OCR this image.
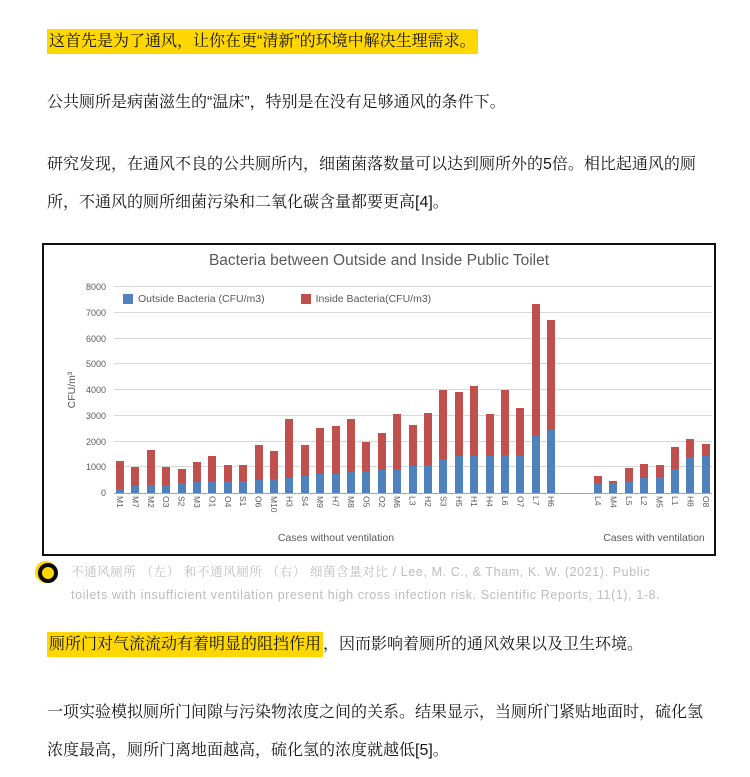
这首先是为了通风，让你在更“清新”的环境中解决生理需求。

公共厕所是病菌滋生的“温床”，特别是在没有足够通风的条件下。

研究发现，在通风不良的公共厕所内，细菌菌落数量可以达到厕所外的5倍。相比起通风的厕所，不通风的厕所细菌污染和二氧化碳含量都要更高[4]。

Bacteria between Outside and Inside Public Toilet
CFU/m³
0
1000
2000
3000
4000
5000
6000
7000
8000
Outside Bacteria (CFU/m3)	Inside Bacteria(CFU/m3)
M1 M7 M2 O3 S2 M3 O1 O4 S1 O6 M10 H3 S4 M9 H7 M8 O5 O2 M6 L3 H2 S3 H5 H1 H4 L6 O7 L7 H6	L4 M4 L5 L2 M5 L1 H8 O8
Cases without ventilation	Cases with ventilation
不通风厕所 （左） 和不通风厕所 （右） 细菌含量对比 / Lee, M. C., & Tham, K. W. (2021). Public toilets with insufficient ventilation present high cross infection risk. Scientific Reports, 11(1), 1-8.

厕所门对气流流动有着明显的阻挡作用 ，因而影响着厕所的通风效果以及卫生环境。

一项实验模拟厕所门间隙与污染物浓度之间的关系。结果显示，当厕所门紧贴地面时，硫化氢浓度最高，厕所门离地面越高，硫化氢的浓度就越低[5]。
